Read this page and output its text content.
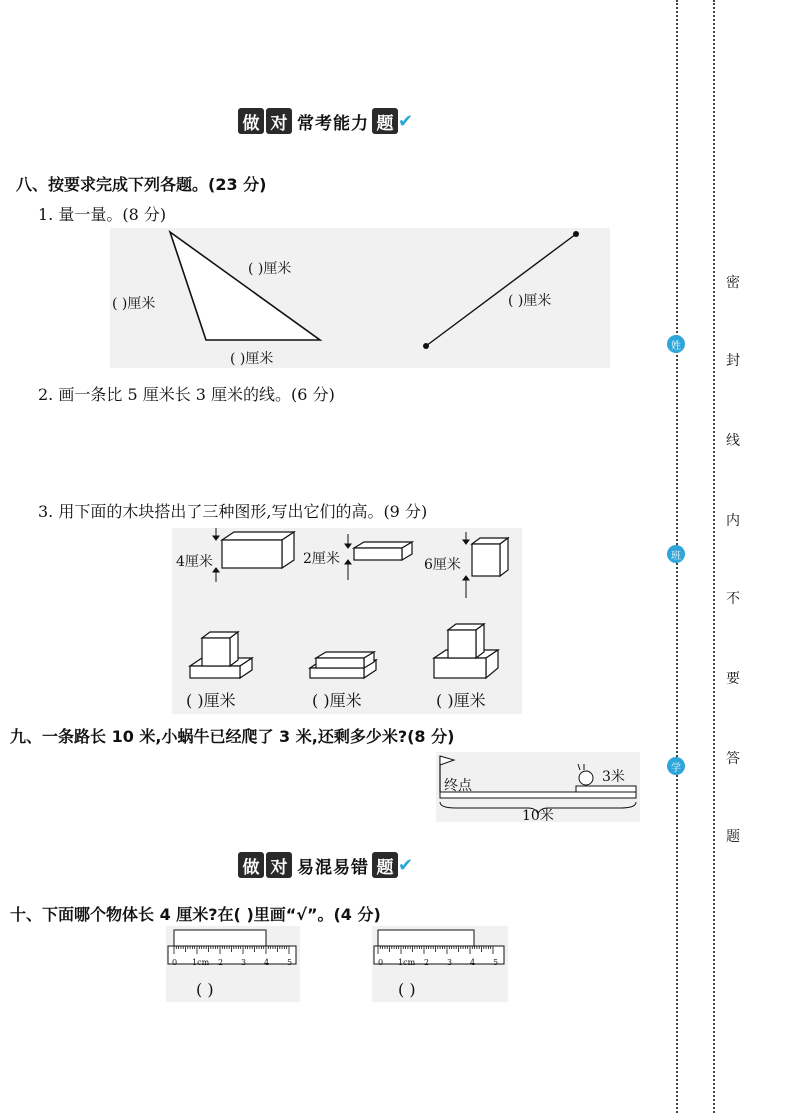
密
封
线
内
不
要
答
题
姓
班
学
做 对 常考能力 题 ✔
八、按要求完成下列各题。(23 分)
1. 量一量。(8 分)
( )厘米
( )厘米
( )厘米
( )厘米
2. 画一条比 5 厘米长 3 厘米的线。(6 分)
3. 用下面的木块搭出了三种图形,写出它们的高。(9 分)
4厘米	2厘米	6厘米
( )厘米	( )厘米	( )厘米
九、一条路长 10 米,小蜗牛已经爬了 3 米,还剩多少米?(8 分)
终点
3米
10米
做 对 易混易错 题 ✔
十、下面哪个物体长 4 厘米?在( )里画“√”。(4 分)
0 1cm 2 3 4 5	0 1cm 2 3 4 5
( )	( )
